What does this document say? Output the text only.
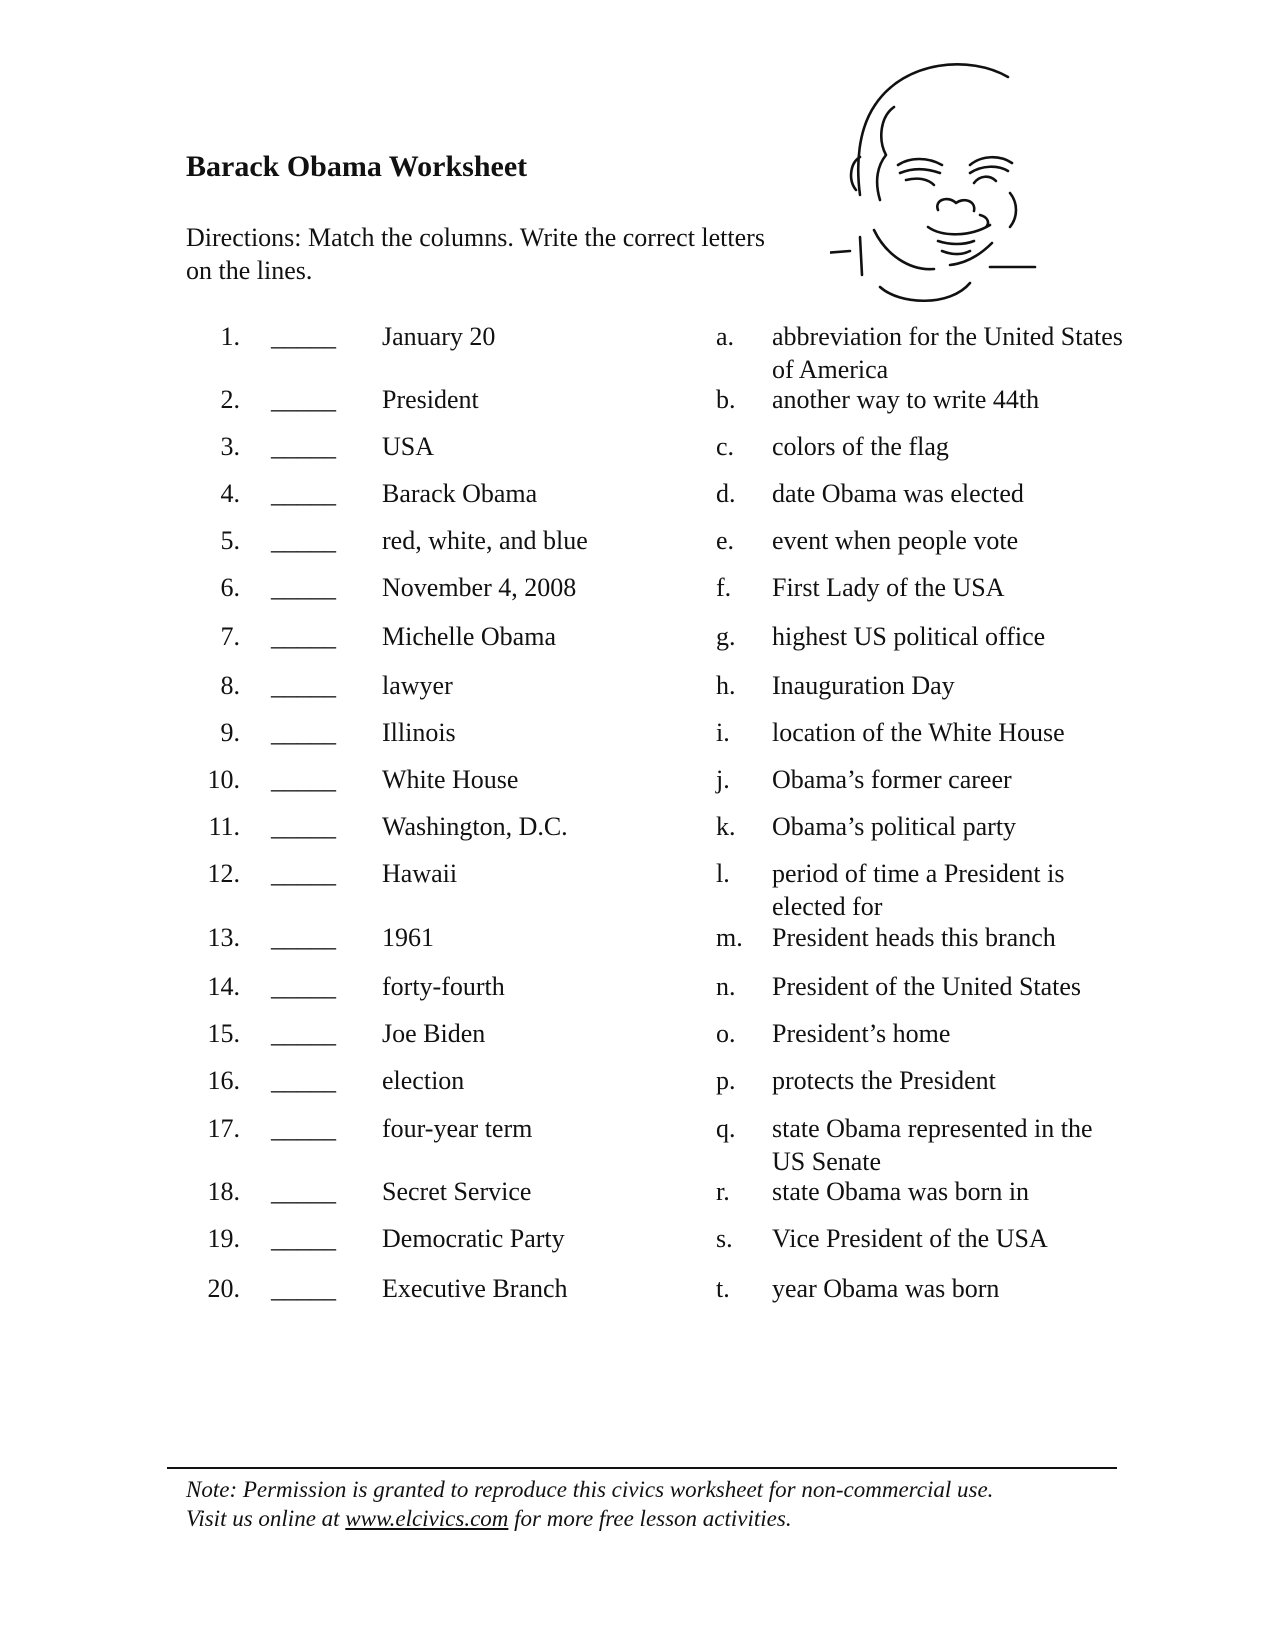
Barack Obama Worksheet

Directions: Match the columns. Write the correct letters on the lines.

1. _____ January 20	a. abbreviation for the United States of America
2. _____ President	b. another way to write 44th
3. _____ USA	c. colors of the flag
4. _____ Barack Obama	d. date Obama was elected
5. _____ red, white, and blue	e. event when people vote
6. _____ November 4, 2008	f. First Lady of the USA
7. _____ Michelle Obama	g. highest US political office
8. _____ lawyer	h. Inauguration Day
9. _____ Illinois	i. location of the White House
10. _____ White House	j. Obama’s former career
11. _____ Washington, D.C.	k. Obama’s political party
12. _____ Hawaii	l. period of time a President is elected for
13. _____ 1961	m. President heads this branch
14. _____ forty-fourth	n. President of the United States
15. _____ Joe Biden	o. President’s home
16. _____ election	p. protects the President
17. _____ four-year term	q. state Obama represented in the US Senate
18. _____ Secret Service	r. state Obama was born in
19. _____ Democratic Party	s. Vice President of the USA
20. _____ Executive Branch	t. year Obama was born

Note: Permission is granted to reproduce this civics worksheet for non-commercial use.
Visit us online at www.elcivics.com for more free lesson activities.
